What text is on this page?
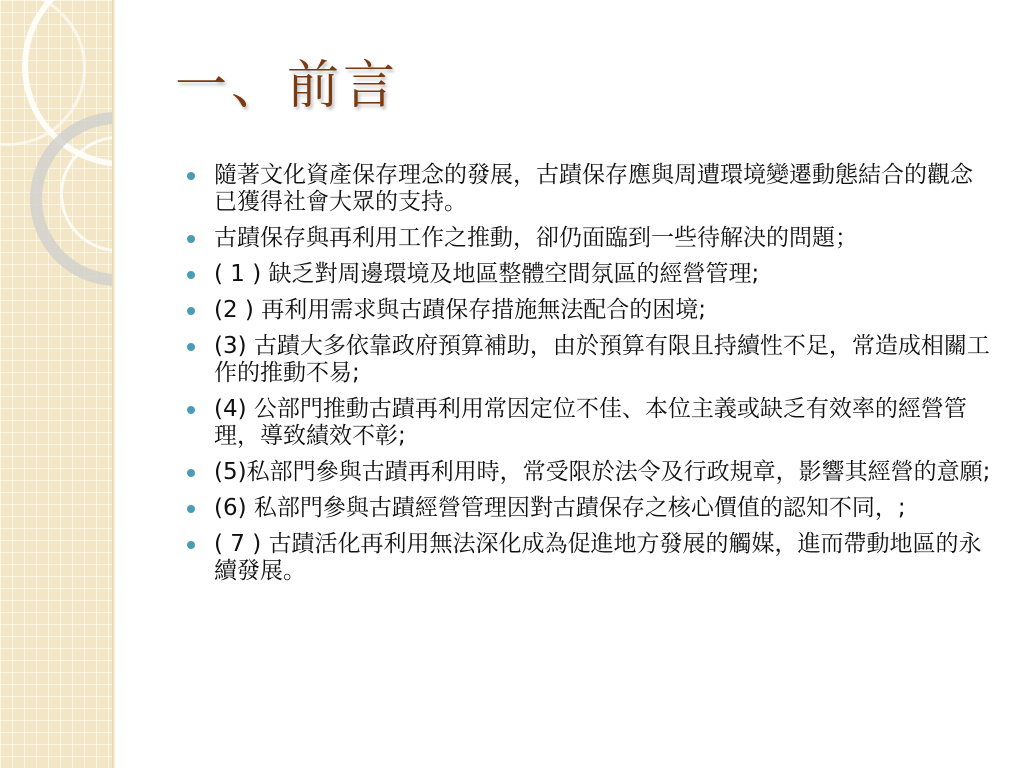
一、前言
隨著文化資產保存理念的發展，古蹟保存應與周遭環境變遷動態結合的觀念已獲得社會大眾的支持。
古蹟保存與再利用工作之推動，卻仍面臨到一些待解決的問題；
( 1 ) 缺乏對周邊環境及地區整體空間氛區的經營管理;
(2 ) 再利用需求與古蹟保存措施無法配合的困境;
(3) 古蹟大多依靠政府預算補助，由於預算有限且持續性不足，常造成相關工作的推動不易;
(4) 公部門推動古蹟再利用常因定位不佳、本位主義或缺乏有效率的經營管理，導致績效不彰;
(5)私部門參與古蹟再利用時，常受限於法令及行政規章，影響其經營的意願;
(6) 私部門參與古蹟經營管理因對古蹟保存之核心價值的認知不同，;
( 7 ) 古蹟活化再利用無法深化成為促進地方發展的觸媒，進而帶動地區的永續發展。
